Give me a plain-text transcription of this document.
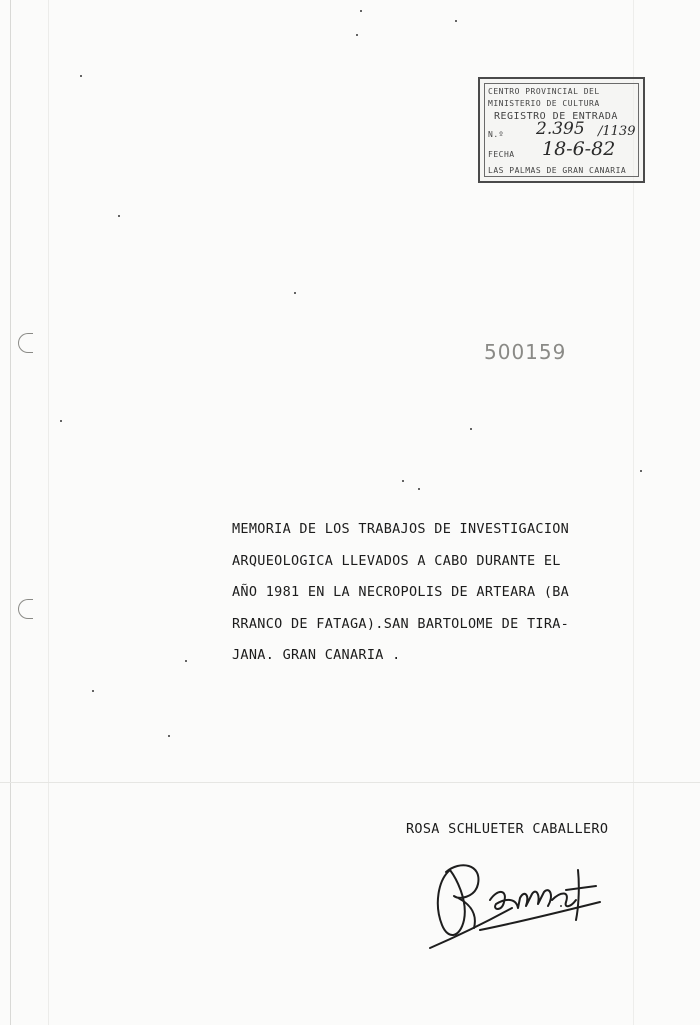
CENTRO PROVINCIAL DEL
MINISTERIO DE CULTURA
REGISTRO DE ENTRADA
N.º 2.395 /1139
FECHA 18-6-82
LAS PALMAS DE GRAN CANARIA
500159
MEMORIA DE LOS TRABAJOS DE INVESTIGACION
ARQUEOLOGICA LLEVADOS A CABO DURANTE EL
AÑO 1981 EN LA NECROPOLIS DE ARTEARA (BA
RRANCO DE FATAGA).SAN BARTOLOME DE TIRA-
JANA. GRAN CANARIA .
ROSA SCHLUETER CABALLERO
